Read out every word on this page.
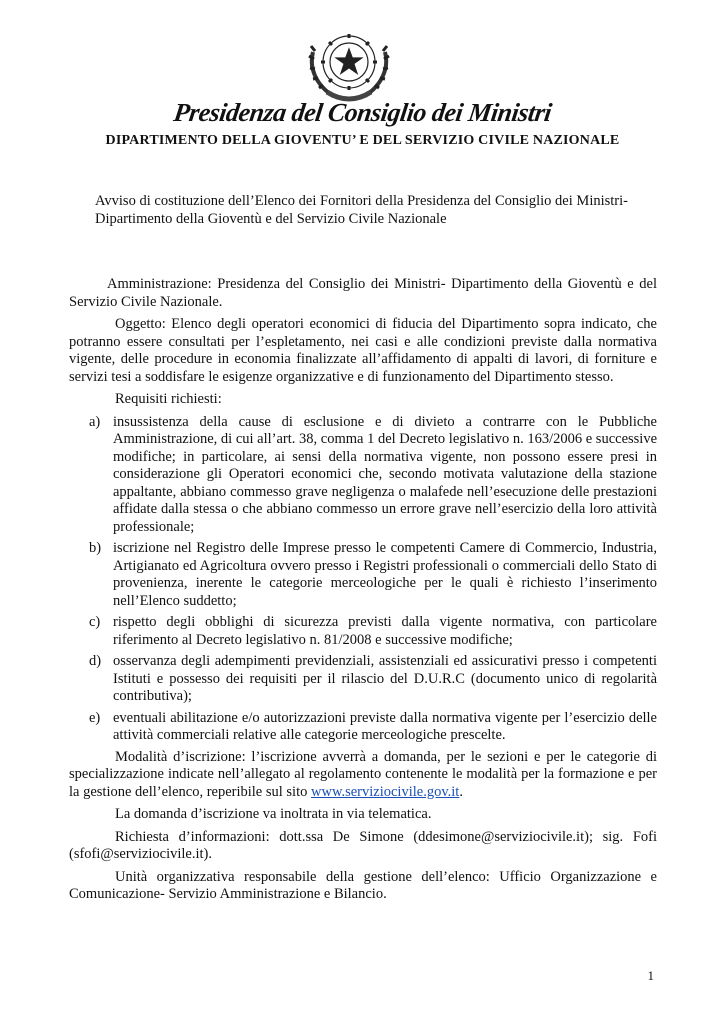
Presidenza del Consiglio dei Ministri
DIPARTIMENTO DELLA GIOVENTU’ E DEL SERVIZIO CIVILE NAZIONALE
Avviso di costituzione dell’Elenco dei Fornitori della Presidenza del Consiglio dei Ministri- Dipartimento della Gioventù e del Servizio Civile Nazionale

Amministrazione: Presidenza del Consiglio dei Ministri- Dipartimento della Gioventù e del Servizio Civile Nazionale.

Oggetto: Elenco degli operatori economici di fiducia del Dipartimento sopra indicato, che potranno essere consultati per l’espletamento, nei casi e alle condizioni previste dalla normativa vigente, delle procedure in economia finalizzate all’affidamento di appalti di lavori, di forniture e servizi tesi a soddisfare le esigenze organizzative e di funzionamento del Dipartimento stesso.

Requisiti richiesti:

a) insussistenza della cause di esclusione e di divieto a contrarre con le Pubbliche Amministrazione, di cui all’art. 38, comma 1 del Decreto legislativo n. 163/2006 e successive modifiche; in particolare, ai sensi della normativa vigente, non possono essere presi in considerazione gli Operatori economici che, secondo motivata valutazione della stazione appaltante, abbiano commesso grave negligenza o malafede nell’esecuzione delle prestazioni affidate dalla stessa o che abbiano commesso un errore grave nell’esercizio della loro attività professionale;
b) iscrizione nel Registro delle Imprese presso le competenti Camere di Commercio, Industria, Artigianato ed Agricoltura ovvero presso i Registri professionali o commerciali dello Stato di provenienza, inerente le categorie merceologiche per le quali è richiesto l’inserimento nell’Elenco suddetto;
c) rispetto degli obblighi di sicurezza previsti dalla vigente normativa, con particolare riferimento al Decreto legislativo n. 81/2008 e successive modifiche;
d) osservanza degli adempimenti previdenziali, assistenziali ed assicurativi presso i competenti Istituti e possesso dei requisiti per il rilascio del D.U.R.C (documento unico di regolarità contributiva);
e) eventuali abilitazione e/o autorizzazioni previste dalla normativa vigente per l’esercizio delle attività commerciali relative alle categorie merceologiche prescelte.

Modalità d’iscrizione: l’iscrizione avverrà a domanda, per le sezioni e per le categorie di specializzazione indicate nell’allegato al regolamento contenente le modalità per la formazione e per la gestione dell’elenco, reperibile sul sito www.serviziocivile.gov.it.

La domanda d’iscrizione va inoltrata in via telematica.

Richiesta d’informazioni: dott.ssa De Simone (ddesimone@serviziocivile.it); sig. Fofi (sfofi@serviziocivile.it).

Unità organizzativa responsabile della gestione dell’elenco: Ufficio Organizzazione e Comunicazione- Servizio Amministrazione e Bilancio.

1
